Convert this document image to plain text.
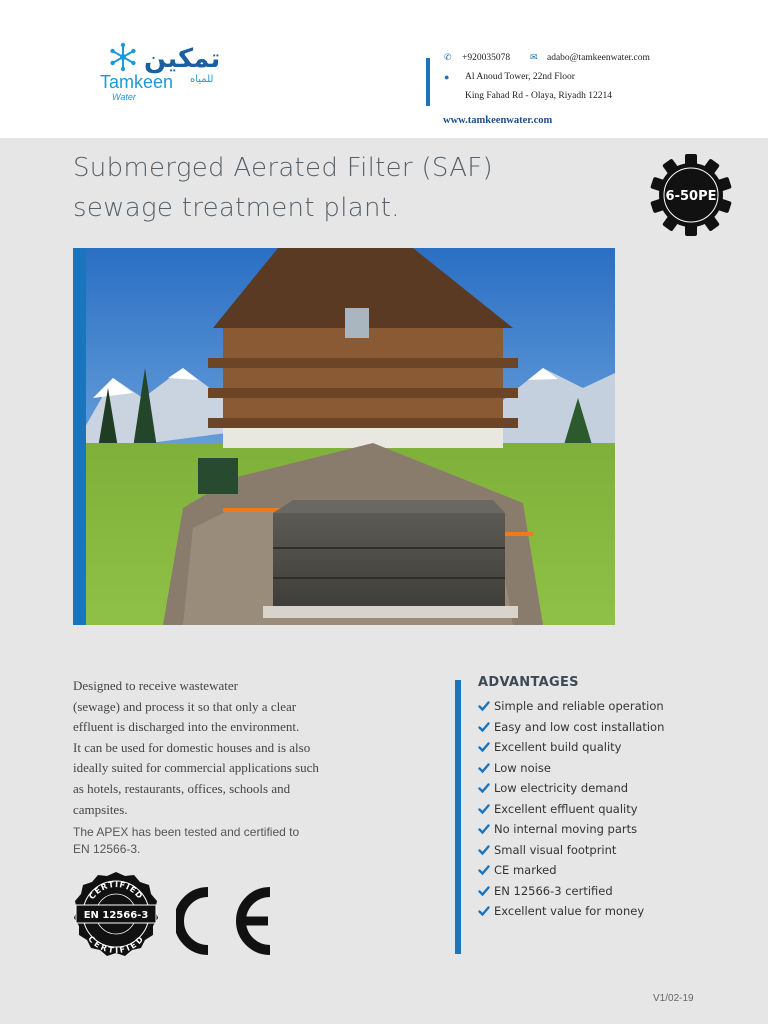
تمكين
للمياه
Tamkeen
Water
✆ +920035078 ✉ adabo@tamkeenwater.com
● Al Anoud Tower, 22nd Floor
King Fahad Rd - Olaya, Riyadh 12214
www.tamkeenwater.com
Submerged Aerated Filter (SAF)
sewage treatment plant.	6-50PE
Designed to receive wastewater
(sewage) and process it so that only a clear
effluent is discharged into the environment.
It can be used for domestic houses and is also
ideally suited for commercial applications such
as hotels, restaurants, offices, schools and
campsites.
The APEX has been tested and certified to
EN 12566-3.
CERTIFIED
CERTIFIED
EN 12566-3
ADVANTAGES
Simple and reliable operation
Easy and low cost installation
Excellent build quality
Low noise
Low electricity demand
Excellent effluent quality
No internal moving parts
Small visual footprint
CE marked
EN 12566-3 certified
Excellent value for money
V1/02-19
